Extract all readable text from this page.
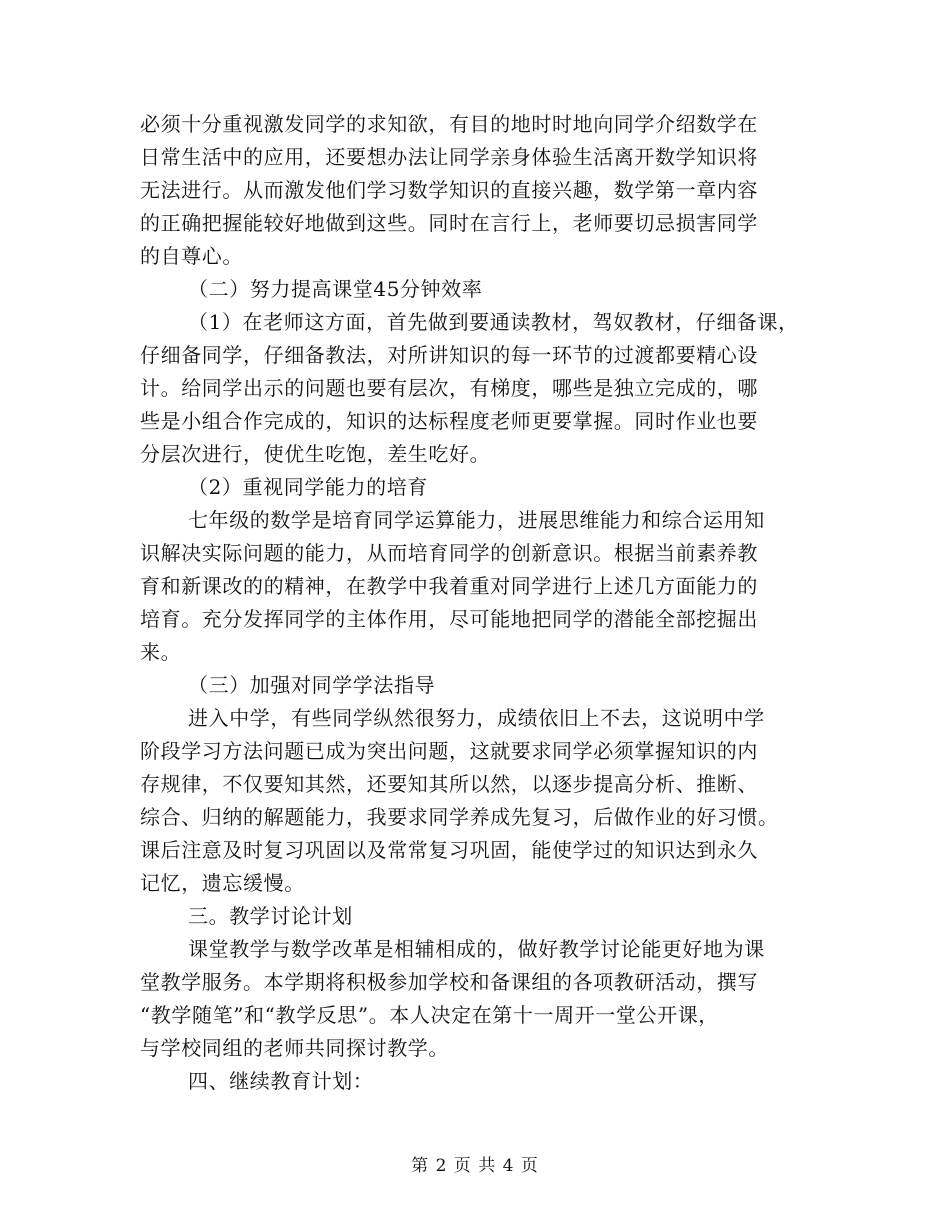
必须十分重视激发同学的求知欲，有目的地时时地向同学介绍数学在
日常生活中的应用，还要想办法让同学亲身体验生活离开数学知识将
无法进行。从而激发他们学习数学知识的直接兴趣，数学第一章内容
的正确把握能较好地做到这些。同时在言行上，老师要切忌损害同学
的自尊心。
（二）努力提高课堂45分钟效率
（1）在老师这方面，首先做到要通读教材，驾奴教材，仔细备课，
仔细备同学，仔细备教法，对所讲知识的每一环节的过渡都要精心设
计。给同学出示的问题也要有层次，有梯度，哪些是独立完成的，哪
些是小组合作完成的，知识的达标程度老师更要掌握。同时作业也要
分层次进行，使优生吃饱，差生吃好。
（2）重视同学能力的培育
七年级的数学是培育同学运算能力，进展思维能力和综合运用知
识解决实际问题的能力，从而培育同学的创新意识。根据当前素养教
育和新课改的的精神，在教学中我着重对同学进行上述几方面能力的
培育。充分发挥同学的主体作用，尽可能地把同学的潜能全部挖掘出
来。
（三）加强对同学学法指导
进入中学，有些同学纵然很努力，成绩依旧上不去，这说明中学
阶段学习方法问题已成为突出问题，这就要求同学必须掌握知识的内
存规律，不仅要知其然，还要知其所以然，以逐步提高分析、推断、
综合、归纳的解题能力，我要求同学养成先复习，后做作业的好习惯。
课后注意及时复习巩固以及常常复习巩固，能使学过的知识达到永久
记忆，遗忘缓慢。
三。教学讨论计划
课堂教学与数学改革是相辅相成的，做好教学讨论能更好地为课
堂教学服务。本学期将积极参加学校和备课组的各项教研活动，撰写
“教学随笔”和“教学反思”。本人决定在第十一周开一堂公开课，
与学校同组的老师共同探讨教学。
四、继续教育计划：
第 2 页 共 4 页
